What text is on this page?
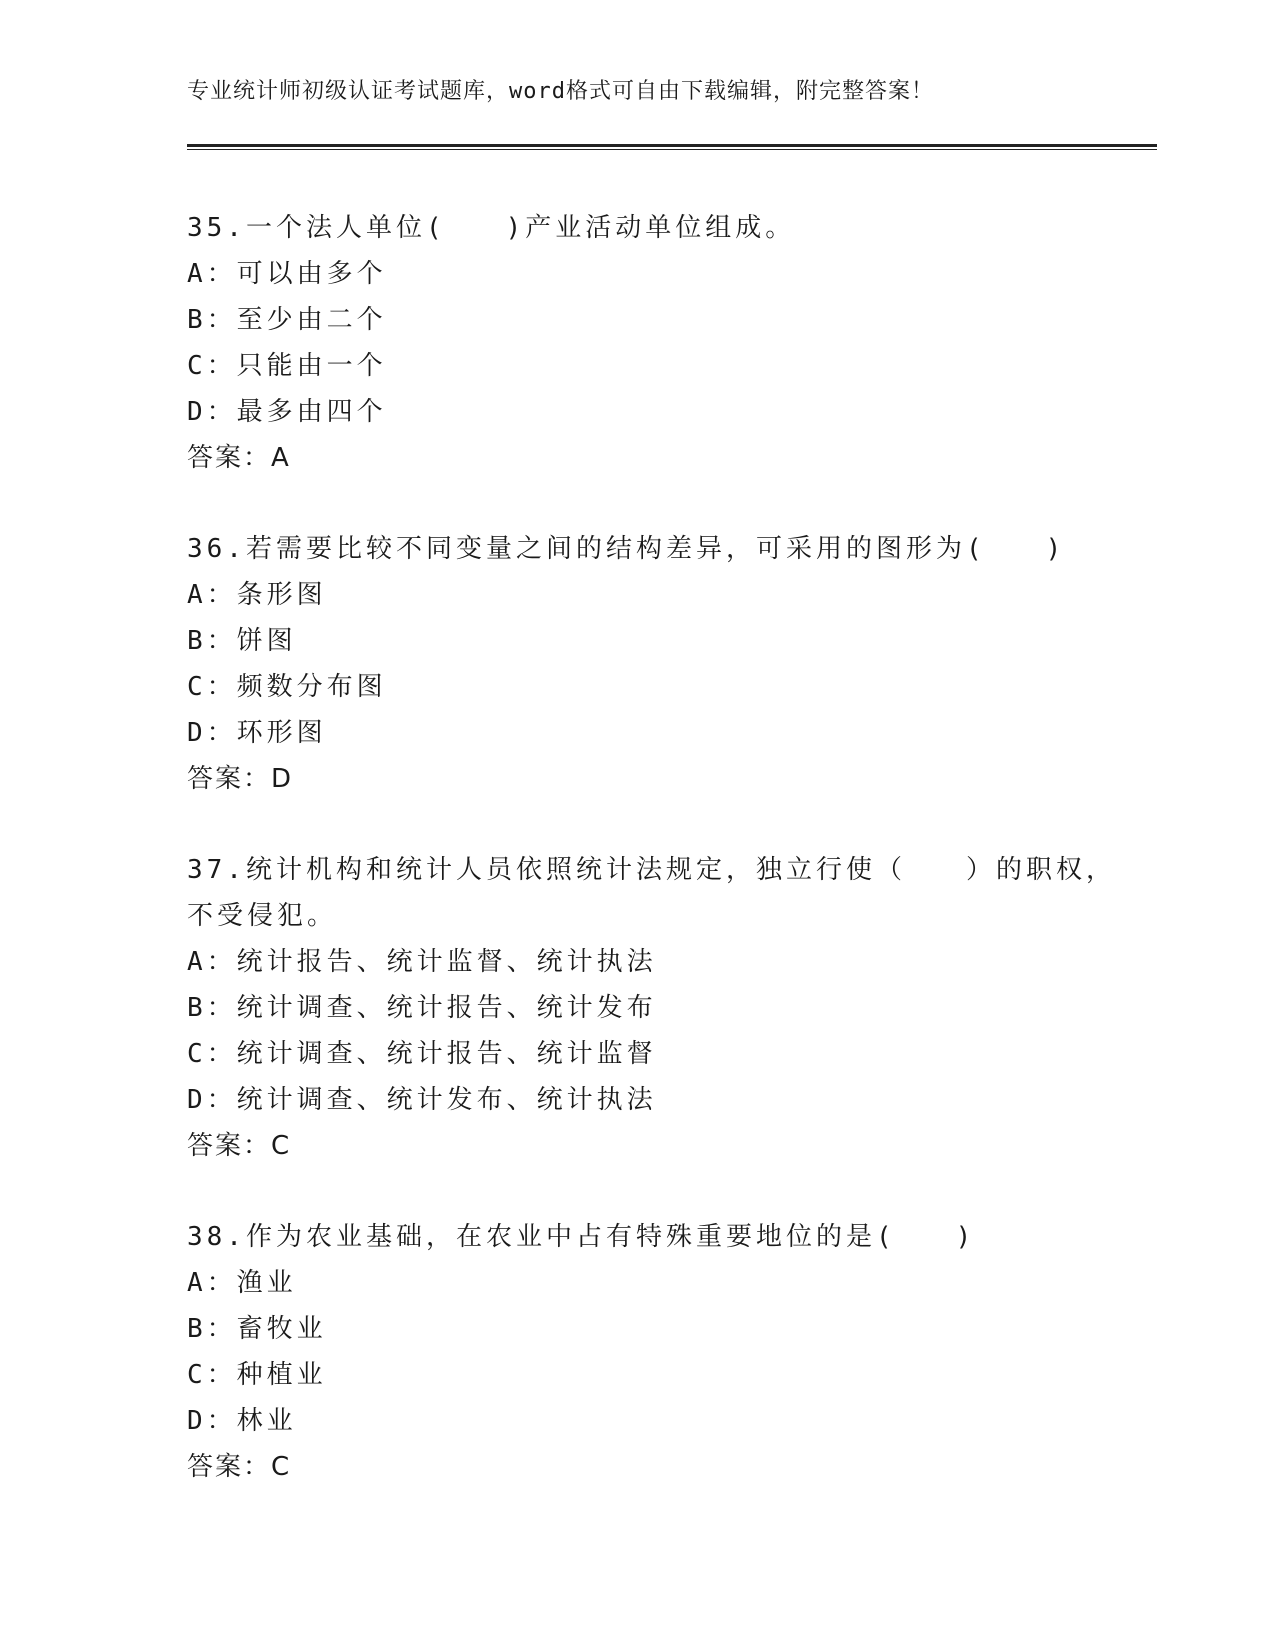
专业统计师初级认证考试题库，word格式可自由下载编辑，附完整答案！
35.一个法人单位(　　)产业活动单位组成。
A：可以由多个
B：至少由二个
C：只能由一个
D：最多由四个
答案：A
36.若需要比较不同变量之间的结构差异，可采用的图形为(　　)
A：条形图
B：饼图
C：频数分布图
D：环形图
答案：D
37.统计机构和统计人员依照统计法规定，独立行使（　　）的职权，
不受侵犯。
A：统计报告、统计监督、统计执法
B：统计调查、统计报告、统计发布
C：统计调查、统计报告、统计监督
D：统计调查、统计发布、统计执法
答案：C
38.作为农业基础，在农业中占有特殊重要地位的是(　　)
A：渔业
B：畜牧业
C：种植业
D：林业
答案：C
